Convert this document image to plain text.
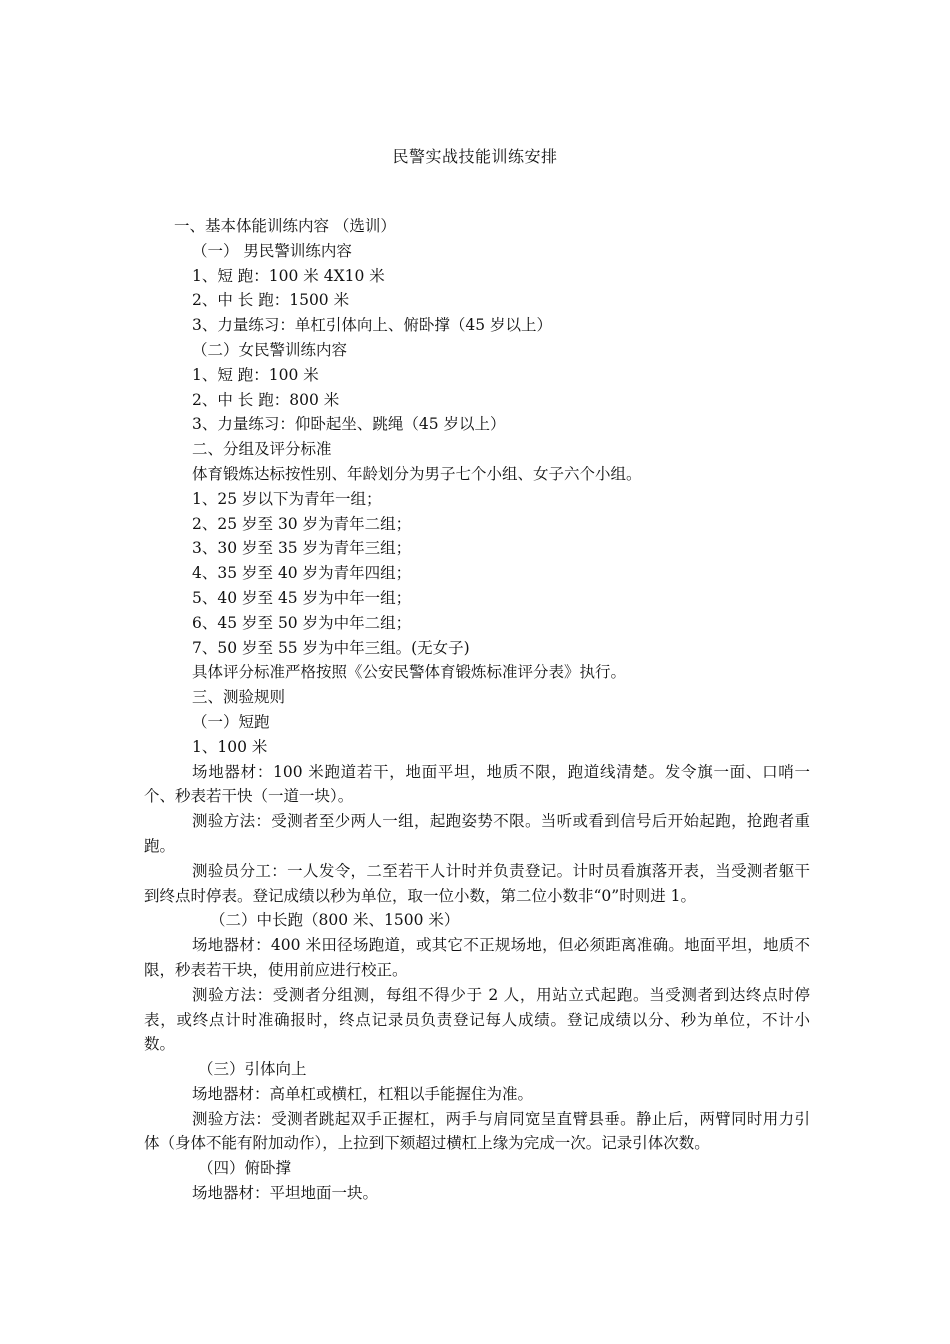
民警实战技能训练安排
一、基本体能训练内容 （选训）
（一） 男民警训练内容
1、短 跑：100 米 4X10 米
2、中 长 跑：1500 米
3、力量练习：单杠引体向上、俯卧撑（45 岁以上）
（二）女民警训练内容
1、短 跑：100 米
2、中 长 跑：800 米
3、力量练习：仰卧起坐、跳绳（45 岁以上）
二、分组及评分标准
体育锻炼达标按性别、年龄划分为男子七个小组、女子六个小组。
1、25 岁以下为青年一组；
2、25 岁至 30 岁为青年二组；
3、30 岁至 35 岁为青年三组；
4、35 岁至 40 岁为青年四组；
5、40 岁至 45 岁为中年一组；
6、45 岁至 50 岁为中年二组；
7、50 岁至 55 岁为中年三组。(无女子)
具体评分标准严格按照《公安民警体育锻炼标准评分表》执行。
三、测验规则
（一）短跑
1、100 米
场地器材：100 米跑道若干，地面平坦，地质不限，跑道线清楚。发令旗一面、口哨一个、秒表若干快（一道一块）。
测验方法：受测者至少两人一组，起跑姿势不限。当听或看到信号后开始起跑，抢跑者重跑。
测验员分工：一人发令，二至若干人计时并负责登记。计时员看旗落开表，当受测者躯干到终点时停表。登记成绩以秒为单位，取一位小数，第二位小数非“0”时则进 1。
（二）中长跑（800 米、1500 米）
场地器材：400 米田径场跑道，或其它不正规场地，但必须距离准确。地面平坦，地质不限，秒表若干块，使用前应进行校正。
测验方法：受测者分组测，每组不得少于 2 人，用站立式起跑。当受测者到达终点时停表，或终点计时准确报时，终点记录员负责登记每人成绩。登记成绩以分、秒为单位，不计小数。
（三）引体向上
场地器材：高单杠或横杠，杠粗以手能握住为准。
测验方法：受测者跳起双手正握杠，两手与肩同宽呈直臂县垂。静止后，两臂同时用力引体（身体不能有附加动作），上拉到下颏超过横杠上缘为完成一次。记录引体次数。
（四）俯卧撑
场地器材：平坦地面一块。
